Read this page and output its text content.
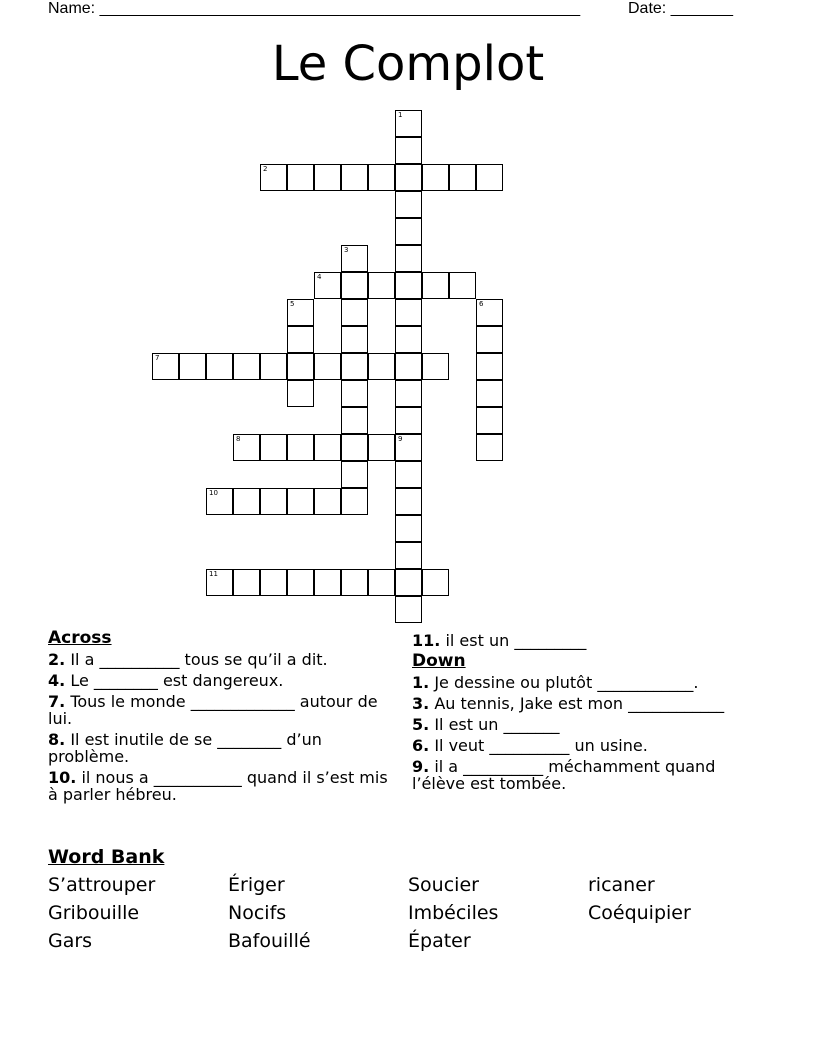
Name: ______________________________________________________	Date: _______
Le Complot
1
9
2
3
4
5	6
7
8
10
11
Across
2. Il a __________ tous se qu’il a dit.
4. Le ________ est dangereux.
7. Tous le monde _____________ autour de lui.
8. Il est inutile de se ________ d’un problème.
10. il nous a ___________ quand il s’est mis à parler hébreu.
11. il est un _________
Down
1. Je dessine ou plutôt ____________.
3. Au tennis, Jake est mon ____________
5. Il est un _______
6. Il veut __________ un usine.
9. il a __________ méchamment quand l’élève est tombée.
Word Bank
S’attrouper	Ériger	Soucier	ricaner
Gribouille	Nocifs	Imbéciles	Coéquipier
Gars	Bafouillé	Épater
